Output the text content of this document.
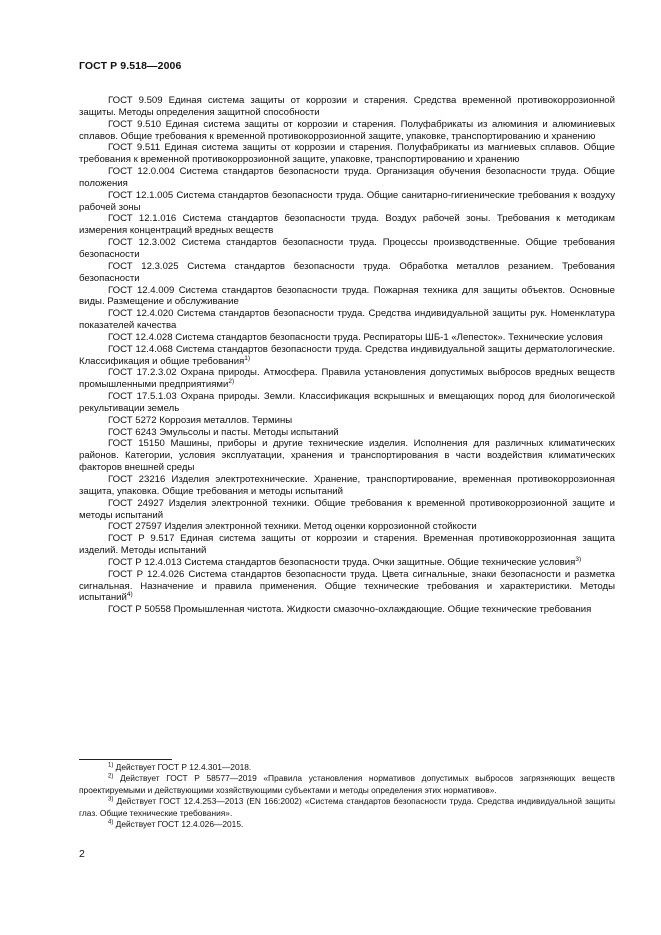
ГОСТ Р 9.518—2006

ГОСТ 9.509 Единая система защиты от коррозии и старения. Средства временной противокоррозионной защиты. Методы определения защитной способности

ГОСТ 9.510 Единая система защиты от коррозии и старения. Полуфабрикаты из алюминия и алюминиевых сплавов. Общие требования к временной противокоррозионной защите, упаковке, транспортированию и хранению

ГОСТ 9.511 Единая система защиты от коррозии и старения. Полуфабрикаты из магниевых сплавов. Общие требования к временной противокоррозионной защите, упаковке, транспортированию и хранению

ГОСТ 12.0.004 Система стандартов безопасности труда. Организация обучения безопасности труда. Общие положения

ГОСТ 12.1.005 Система стандартов безопасности труда. Общие санитарно-гигиенические требования к воздуху рабочей зоны

ГОСТ 12.1.016 Система стандартов безопасности труда. Воздух рабочей зоны. Требования к методикам измерения концентраций вредных веществ

ГОСТ 12.3.002 Система стандартов безопасности труда. Процессы производственные. Общие требования безопасности

ГОСТ 12.3.025 Система стандартов безопасности труда. Обработка металлов резанием. Требования безопасности

ГОСТ 12.4.009 Система стандартов безопасности труда. Пожарная техника для защиты объектов. Основные виды. Размещение и обслуживание

ГОСТ 12.4.020 Система стандартов безопасности труда. Средства индивидуальной защиты рук. Номенклатура показателей качества

ГОСТ 12.4.028 Система стандартов безопасности труда. Респираторы ШБ-1 «Лепесток». Технические условия

ГОСТ 12.4.068 Система стандартов безопасности труда. Средства индивидуальной защиты дерматологические. Классификация и общие требования$^{1)}$

ГОСТ 17.2.3.02 Охрана природы. Атмосфера. Правила установления допустимых выбросов вредных веществ промышленными предприятиями$^{2)}$

ГОСТ 17.5.1.03 Охрана природы. Земли. Классификация вскрышных и вмещающих пород для биологической рекультивации земель

ГОСТ 5272 Коррозия металлов. Термины

ГОСТ 6243 Эмульсолы и пасты. Методы испытаний

ГОСТ 15150 Машины, приборы и другие технические изделия. Исполнения для различных климатических районов. Категории, условия эксплуатации, хранения и транспортирования в части воздействия климатических факторов внешней среды

ГОСТ 23216 Изделия электротехнические. Хранение, транспортирование, временная противокоррозионная защита, упаковка. Общие требования и методы испытаний

ГОСТ 24927 Изделия электронной техники. Общие требования к временной противокоррозионной защите и методы испытаний

ГОСТ 27597 Изделия электронной техники. Метод оценки коррозионной стойкости

ГОСТ Р 9.517 Единая система защиты от коррозии и старения. Временная противокоррозионная защита изделий. Методы испытаний

ГОСТ Р 12.4.013 Система стандартов безопасности труда. Очки защитные. Общие технические условия$^{3)}$

ГОСТ Р 12.4.026 Система стандартов безопасности труда. Цвета сигнальные, знаки безопасности и разметка сигнальная. Назначение и правила применения. Общие технические требования и характеристики. Методы испытаний$^{4)}$

ГОСТ Р 50558 Промышленная чистота. Жидкости смазочно-охлаждающие. Общие технические требования

$^{1)}$ Действует ГОСТ Р 12.4.301—2018.

$^{2)}$ Действует ГОСТ Р 58577—2019 «Правила установления нормативов допустимых выбросов загрязняющих веществ проектируемыми и действующими хозяйствующими субъектами и методы определения этих нормативов».

$^{3)}$ Действует ГОСТ 12.4.253—2013 (EN 166:2002) «Система стандартов безопасности труда. Средства индивидуальной защиты глаз. Общие технические требования».

$^{4)}$ Действует ГОСТ 12.4.026—2015.

2
